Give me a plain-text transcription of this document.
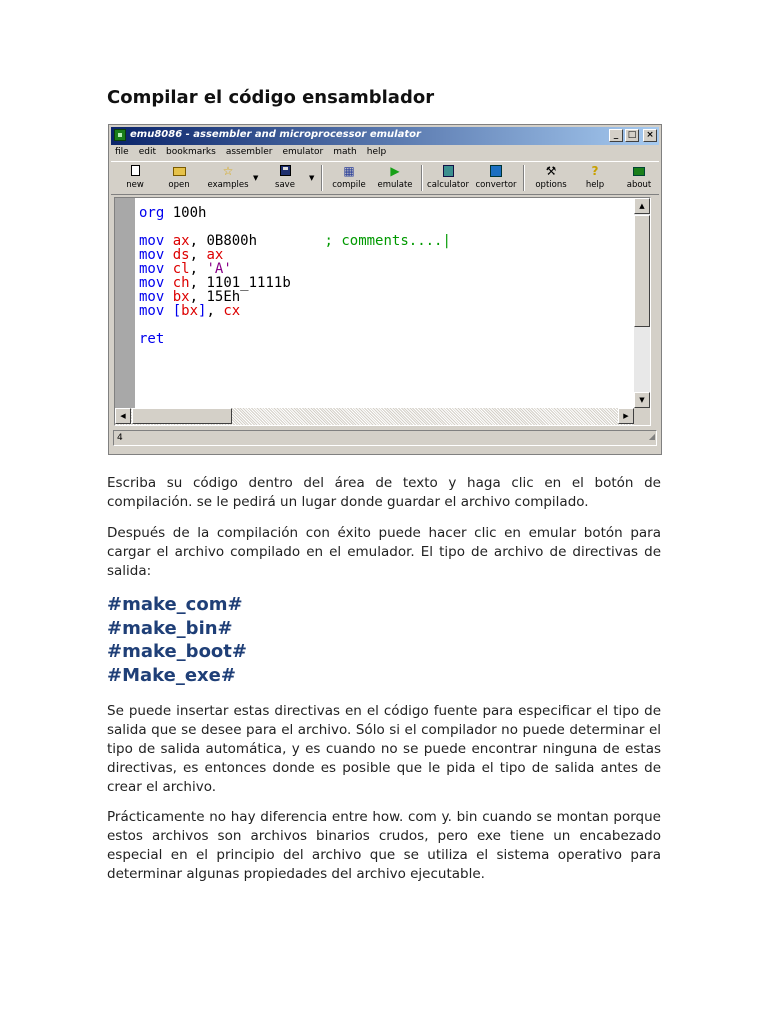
Compilar el código ensamblador
emu8086 - assembler and microprocessor emulator	_	□	×
file edit bookmarks assembler emulator math help
new	open
☆
examples
▼
save
▼	▦
compile
▶
emulate	calculator convertor
⚒
options
?
help	about
org 100h
mov ax, 0B800h	; comments....|
mov ds, ax
mov cl, 'A'
mov ch, 1101_1111b
mov bx, 15Eh
mov [bx], cx
ret
▲
▼
◀	▶
4	◢

Escriba su código dentro del área de texto y haga clic en el botón de compilación. se le pedirá un lugar donde guardar el archivo compilado.

Después de la compilación con éxito puede hacer clic en emular botón para cargar el archivo compilado en el emulador. El tipo de archivo de directivas de salida:

#make_com#
#make_bin#
#make_boot#
#Make_exe#

Se puede insertar estas directivas en el código fuente para especificar el tipo de salida que se desee para el archivo. Sólo si el compilador no puede determinar el tipo de salida automática, y es cuando no se puede encontrar ninguna de estas directivas, es entonces donde es posible que le pida el tipo de salida antes de crear el archivo.

Prácticamente no hay diferencia entre how. com y. bin cuando se montan porque estos archivos son archivos binarios crudos, pero exe tiene un encabezado especial en el principio del archivo que se utiliza el sistema operativo para determinar algunas propiedades del archivo ejecutable.
